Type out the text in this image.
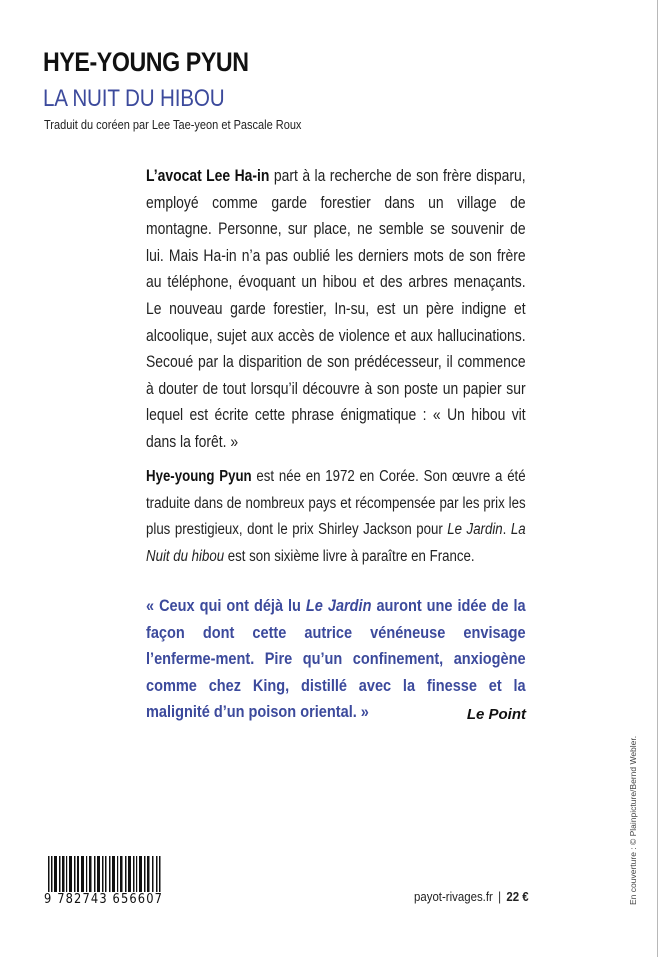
HYE-YOUNG PYUN
LA NUIT DU HIBOU
Traduit du coréen par Lee Tae-yeon et Pascale Roux
L’avocat Lee Ha-in part à la recherche de son frère disparu, employé comme garde forestier dans un village de montagne. Personne, sur place, ne semble se souvenir de lui. Mais Ha-in n’a pas oublié les derniers mots de son frère au téléphone, évoquant un hibou et des arbres menaçants. Le nouveau garde forestier, In-su, est un père indigne et alcoolique, sujet aux accès de violence et aux hallucinations. Secoué par la disparition de son prédécesseur, il commence à douter de tout lorsqu’il découvre à son poste un papier sur lequel est écrite cette phrase énigmatique : « Un hibou vit dans la forêt. »
Hye-young Pyun est née en 1972 en Corée. Son œuvre a été traduite dans de nombreux pays et récompensée par les prix les plus prestigieux, dont le prix Shirley Jackson pour Le Jardin. La Nuit du hibou est son sixième livre à paraître en France.
« Ceux qui ont déjà lu Le Jardin auront une idée de la façon dont cette autrice vénéneuse envisage l’enferme-ment. Pire qu’un confinement, anxiogène comme chez King, distillé avec la finesse et la malignité d’un poison oriental. »	Le Point
9 782743 656607	payot-rivages.fr | 22 €	En couverture : © Plainpicture/Bernd Webler.
